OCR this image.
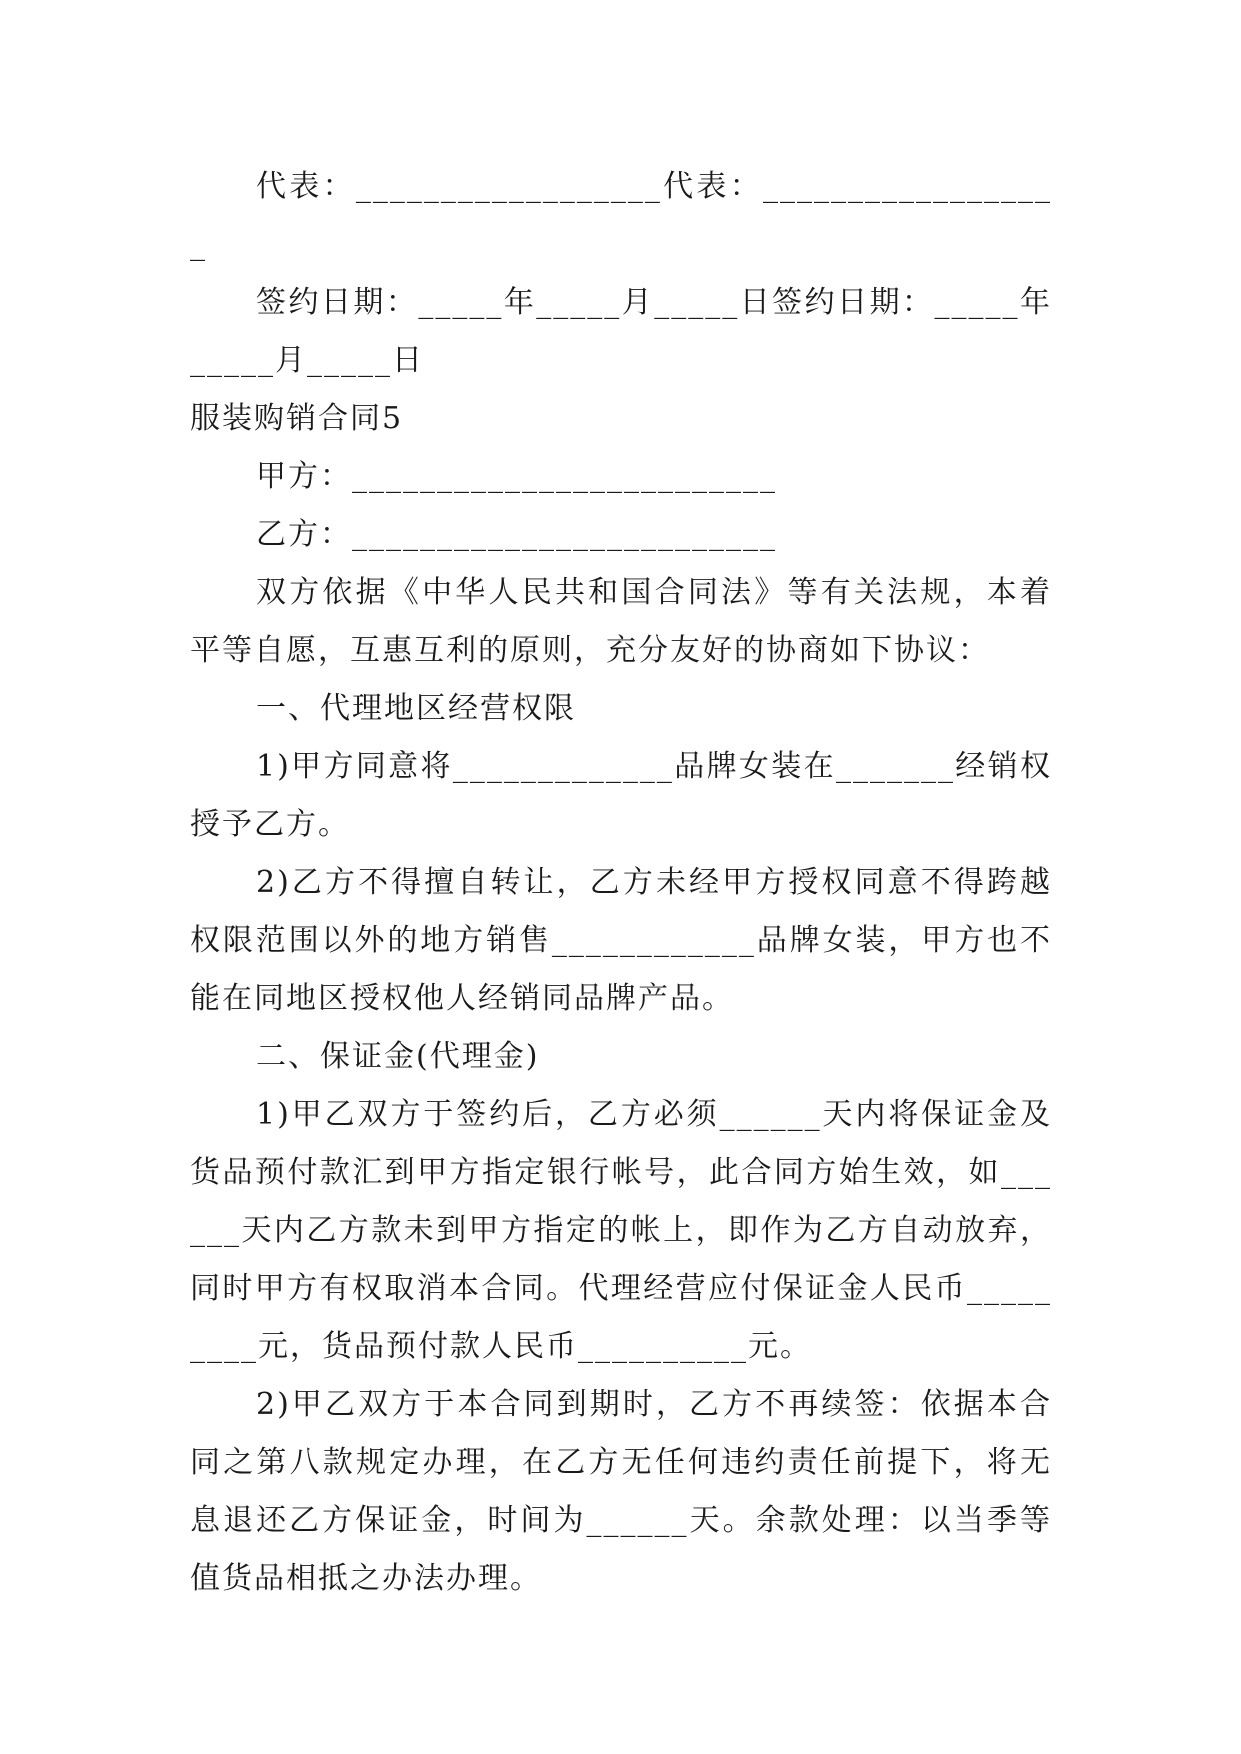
代表：__________________代表：__________________

签约日期：_____年_____月_____日签约日期：_____年_____月_____日

服装购销合同5

甲方：_________________________

乙方：_________________________

双方依据《中华人民共和国合同法》等有关法规，本着平等自愿，互惠互利的原则，充分友好的协商如下协议：

一、代理地区经营权限

1)甲方同意将_____________品牌女装在_______经销权授予乙方。

2)乙方不得擅自转让，乙方未经甲方授权同意不得跨越权限范围以外的地方销售____________品牌女装，甲方也不能在同地区授权他人经销同品牌产品。

二、保证金(代理金)

1)甲乙双方于签约后，乙方必须______天内将保证金及货品预付款汇到甲方指定银行帐号，此合同方始生效，如______天内乙方款未到甲方指定的帐上，即作为乙方自动放弃，同时甲方有权取消本合同。代理经营应付保证金人民币_________元，货品预付款人民币__________元。

2)甲乙双方于本合同到期时，乙方不再续签：依据本合同之第八款规定办理，在乙方无任何违约责任前提下，将无息退还乙方保证金，时间为______天。余款处理：以当季等值货品相抵之办法办理。
